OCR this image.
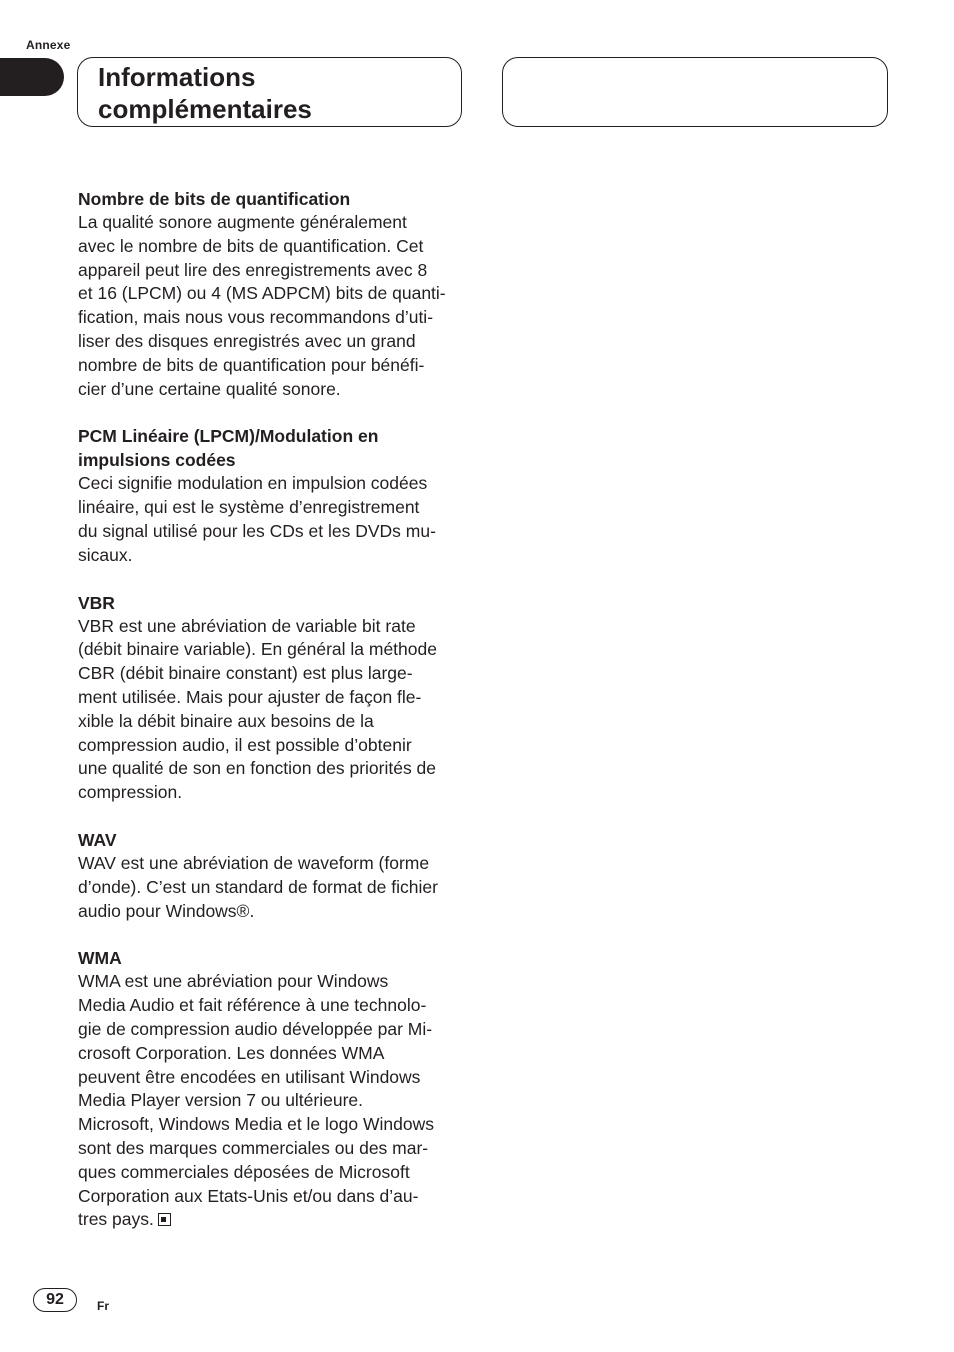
Annexe
Informations complémentaires
Nombre de bits de quantification

La qualité sonore augmente généralement
avec le nombre de bits de quantification. Cet
appareil peut lire des enregistrements avec 8
et 16 (LPCM) ou 4 (MS ADPCM) bits de quanti-
fication, mais nous vous recommandons d’uti-
liser des disques enregistrés avec un grand
nombre de bits de quantification pour bénéfi-
cier d’une certaine qualité sonore.

PCM Linéaire (LPCM)/Modulation en
impulsions codées

Ceci signifie modulation en impulsion codées
linéaire, qui est le système d’enregistrement
du signal utilisé pour les CDs et les DVDs mu-
sicaux.

VBR

VBR est une abréviation de variable bit rate
(débit binaire variable). En général la méthode
CBR (débit binaire constant) est plus large-
ment utilisée. Mais pour ajuster de façon fle-
xible la débit binaire aux besoins de la
compression audio, il est possible d’obtenir
une qualité de son en fonction des priorités de
compression.

WAV

WAV est une abréviation de waveform (forme
d’onde). C’est un standard de format de fichier
audio pour Windows®.

WMA

WMA est une abréviation pour Windows
Media Audio et fait référence à une technolo-
gie de compression audio développée par Mi-
crosoft Corporation. Les données WMA
peuvent être encodées en utilisant Windows
Media Player version 7 ou ultérieure.
Microsoft, Windows Media et le logo Windows
sont des marques commerciales ou des mar-
ques commerciales déposées de Microsoft
Corporation aux Etats-Unis et/ou dans d’au-
tres pays.

92	Fr
